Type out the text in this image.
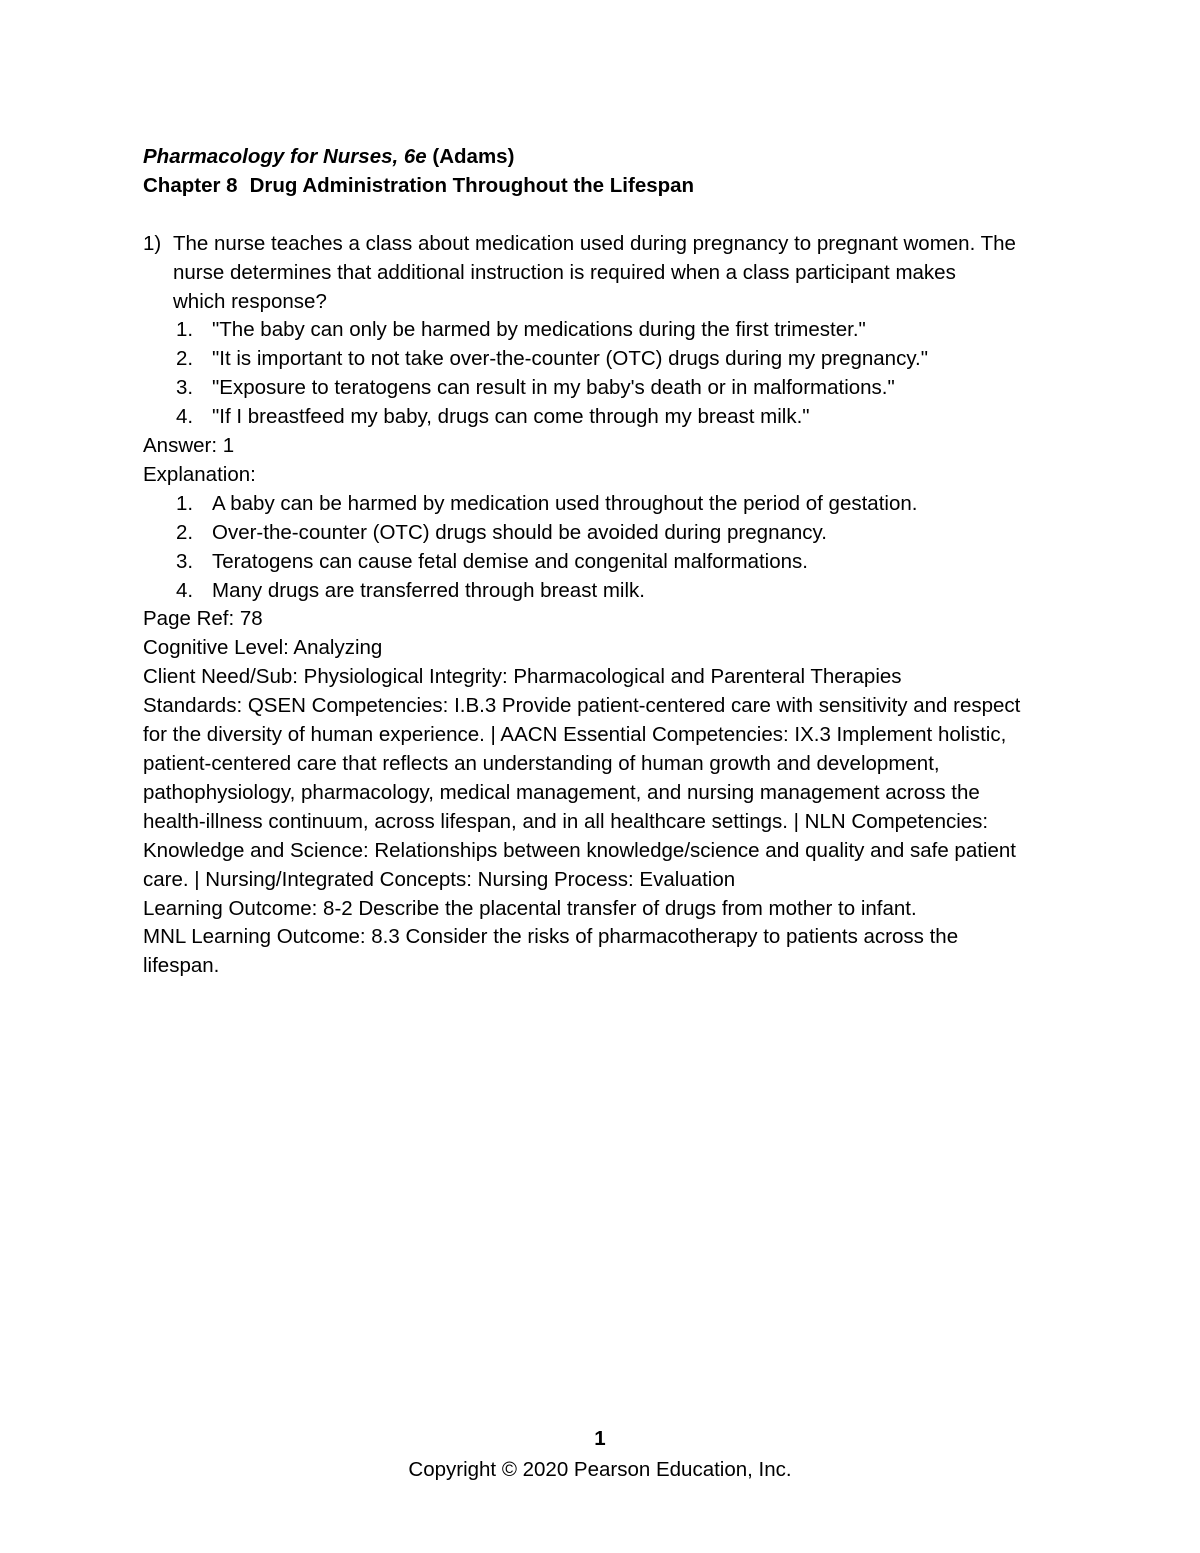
Pharmacology for Nurses, 6e (Adams)

Chapter 8 Drug Administration Throughout the Lifespan

1) The nurse teaches a class about medication used during pregnancy to pregnant women. The

nurse determines that additional instruction is required when a class participant makes

which response?

1. "The baby can only be harmed by medications during the first trimester."
2. "It is important to not take over-the-counter (OTC) drugs during my pregnancy."
3. "Exposure to teratogens can result in my baby's death or in malformations."
4. "If I breastfeed my baby, drugs can come through my breast milk."

Answer: 1

Explanation:

1. A baby can be harmed by medication used throughout the period of gestation.
2. Over-the-counter (OTC) drugs should be avoided during pregnancy.
3. Teratogens can cause fetal demise and congenital malformations.
4. Many drugs are transferred through breast milk.

Page Ref: 78

Cognitive Level: Analyzing

Client Need/Sub: Physiological Integrity: Pharmacological and Parenteral Therapies

Standards: QSEN Competencies: I.B.3 Provide patient-centered care with sensitivity and respect

for the diversity of human experience. | AACN Essential Competencies: IX.3 Implement holistic,

patient-centered care that reflects an understanding of human growth and development,

pathophysiology, pharmacology, medical management, and nursing management across the

health-illness continuum, across lifespan, and in all healthcare settings. | NLN Competencies:

Knowledge and Science: Relationships between knowledge/science and quality and safe patient

care. | Nursing/Integrated Concepts: Nursing Process: Evaluation

Learning Outcome: 8-2 Describe the placental transfer of drugs from mother to infant.

MNL Learning Outcome: 8.3 Consider the risks of pharmacotherapy to patients across the

lifespan.

1
Copyright © 2020 Pearson Education, Inc.
